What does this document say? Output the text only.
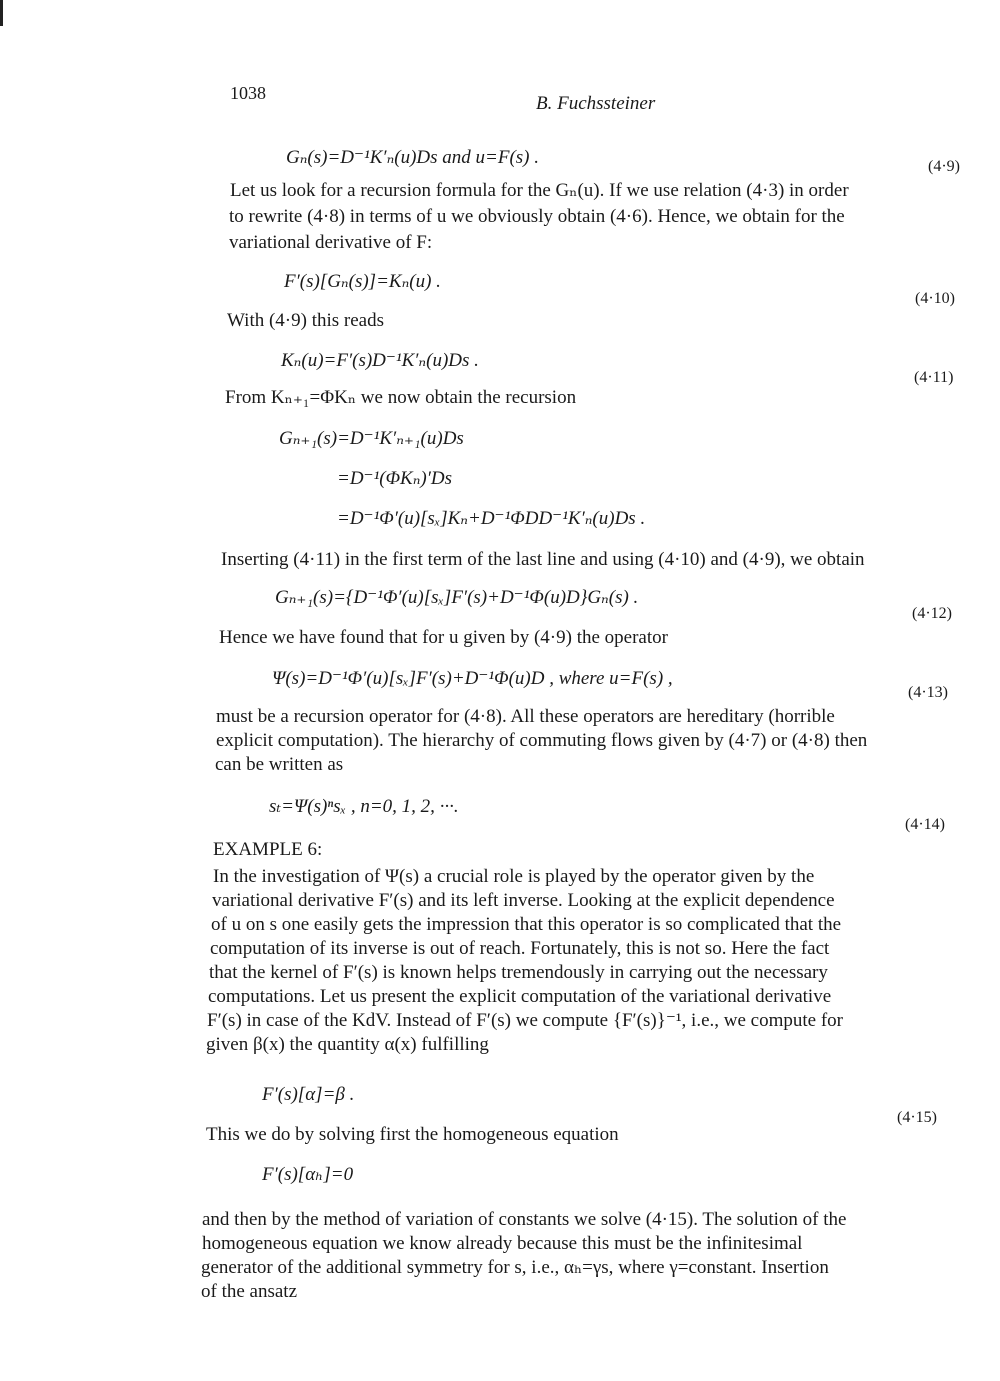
1038	B. Fuchssteiner
Gₙ(s)=D⁻¹K′ₙ(u)Ds and u=F(s) .	(4·9)
Let us look for a recursion formula for the Gₙ(u). If we use relation (4·3) in order
to rewrite (4·8) in terms of u we obviously obtain (4·6). Hence, we obtain for the
variational derivative of F:
F′(s)[Gₙ(s)]=Kₙ(u) .
(4·10)
With (4·9) this reads
Kₙ(u)=F′(s)D⁻¹K′ₙ(u)Ds .
(4·11)
From Kₙ₊₁=ΦKₙ we now obtain the recursion
Gₙ₊₁(s)=D⁻¹K′ₙ₊₁(u)Ds
=D⁻¹(ΦKₙ)′Ds
=D⁻¹Φ′(u)[sₓ]Kₙ+D⁻¹ΦDD⁻¹K′ₙ(u)Ds .
Inserting (4·11) in the first term of the last line and using (4·10) and (4·9), we obtain
Gₙ₊₁(s)={D⁻¹Φ′(u)[sₓ]F′(s)+D⁻¹Φ(u)D}Gₙ(s) .
(4·12)
Hence we have found that for u given by (4·9) the operator
Ψ(s)=D⁻¹Φ′(u)[sₓ]F′(s)+D⁻¹Φ(u)D , where u=F(s) ,
(4·13)
must be a recursion operator for (4·8). All these operators are hereditary (horrible
explicit computation). The hierarchy of commuting flows given by (4·7) or (4·8) then
can be written as
sₜ=Ψ(s)ⁿsₓ , n=0, 1, 2, ···.
(4·14)
EXAMPLE 6:
In the investigation of Ψ(s) a crucial role is played by the operator given by the
variational derivative F′(s) and its left inverse. Looking at the explicit dependence
of u on s one easily gets the impression that this operator is so complicated that the
computation of its inverse is out of reach. Fortunately, this is not so. Here the fact
that the kernel of F′(s) is known helps tremendously in carrying out the necessary
computations. Let us present the explicit computation of the variational derivative
F′(s) in case of the KdV. Instead of F′(s) we compute {F′(s)}⁻¹, i.e., we compute for
given β(x) the quantity α(x) fulfilling
F′(s)[α]=β .
(4·15)
This we do by solving first the homogeneous equation
F′(s)[αₕ]=0
and then by the method of variation of constants we solve (4·15). The solution of the
homogeneous equation we know already because this must be the infinitesimal
generator of the additional symmetry for s, i.e., αₕ=γs, where γ=constant. Insertion
of the ansatz
